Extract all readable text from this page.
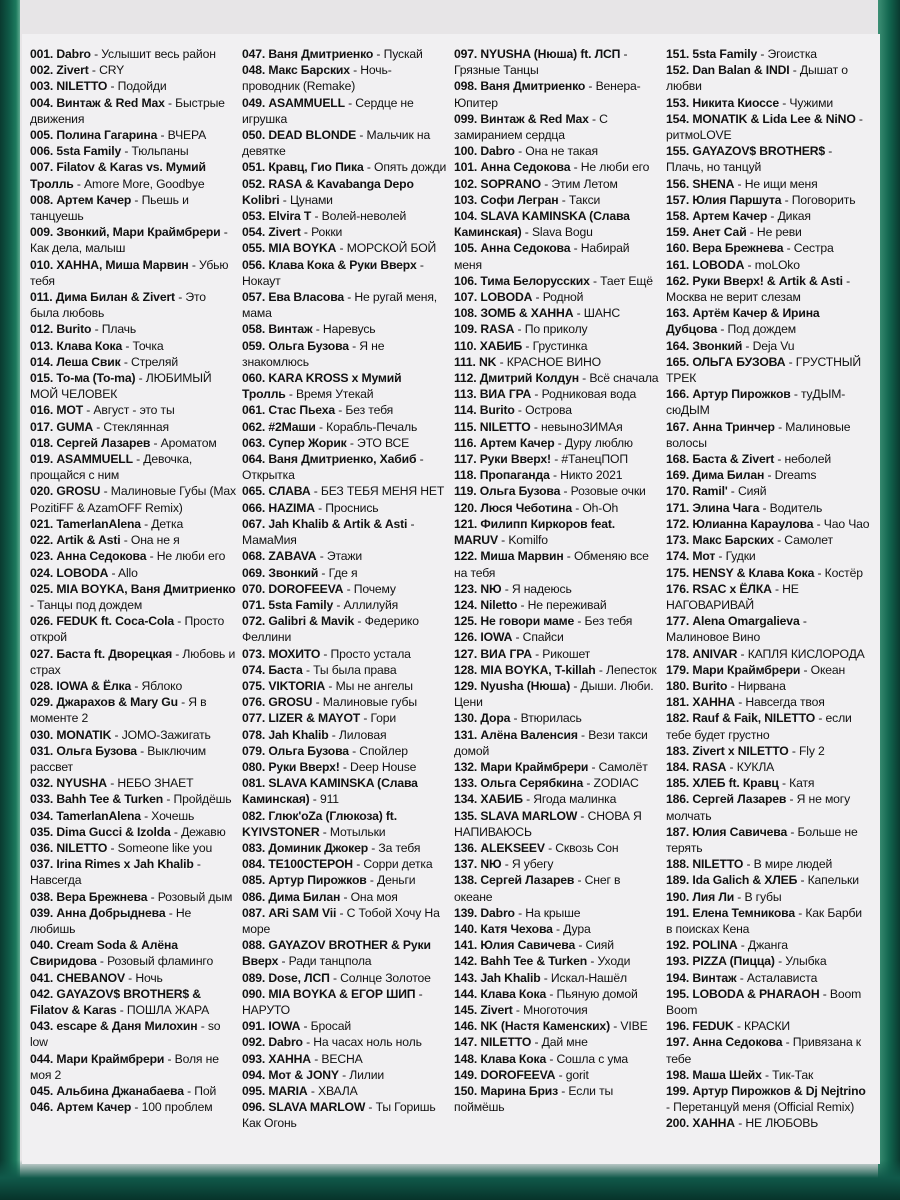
001. Dabro - Услышит весь район
002. Zivert - CRY
003. NILETTO - Подойди
004. Винтаж & Red Max - Быстрые движения
005. Полина Гагарина - ВЧЕРА
006. 5sta Family - Тюльпаны
007. Filatov & Karas vs. Мумий Тролль - Amore More, Goodbye
008. Артем Качер - Пьешь и танцуешь
009. Звонкий, Мари Краймбрери - Как дела, малыш
010. ХАННА, Миша Марвин - Убью тебя
011. Дима Билан & Zivert - Это была любовь
012. Burito - Плачь
013. Клава Кока - Точка
014. Леша Свик - Стреляй
015. То-ма (To-ma) - ЛЮБИМЫЙ МОЙ ЧЕЛОВЕК
016. MOT - Август - это ты
017. GUMA - Стеклянная
018. Сергей Лазарев - Ароматом
019. ASAMMUELL - Девочка, прощайся с ним
020. GROSU - Малиновые Губы (Max PozitiFF & AzamOFF Remix)
021. TamerlanAlena - Детка
022. Artik & Asti - Она не я
023. Анна Седокова - Не люби его
024. LOBODA - Allo
025. MIA BOYKA, Ваня Дмитриенко - Танцы под дождем
026. FEDUK ft. Coca-Cola - Просто открой
027. Баста ft. Дворецкая - Любовь и страх
028. IOWA & Ёлка - Яблоко
029. Джарахов & Mary Gu - Я в моменте 2
030. MONATIK - JOMO-Зажигать
031. Ольга Бузова - Выключим рассвет
032. NYUSHA - НЕБО ЗНАЕТ
033. Bahh Tee & Turken - Пройдёшь
034. TamerlanAlena - Хочешь
035. Dima Gucci & Izolda - Дежавю
036. NILETTO - Someone like you
037. Irina Rimes x Jah Khalib - Навсегда
038. Вера Брежнева - Розовый дым
039. Анна Добрыднева - Не любишь
040. Cream Soda & Алёна Свиридова - Розовый фламинго
041. CHEBANOV - Ночь
042. GAYAZOV$ BROTHER$ & Filatov & Karas - ПОШЛА ЖАРА
043. escape & Даня Милохин - so low
044. Мари Краймбрери - Воля не моя 2
045. Альбина Джанабаева - Пой
046. Артем Качер - 100 проблем
047. Ваня Дмитриенко - Пускай
048. Макс Барских - Ночь-проводник (Remake)
049. ASAMMUELL - Сердце не игрушка
050. DEAD BLONDE - Мальчик на девятке
051. Кравц, Гио Пика - Опять дожди
052. RASA & Kavabanga Depo Kolibri - Цунами
053. Elvira T - Волей-неволей
054. Zivert - Рокки
055. MIA BOYKA - МОРСКОЙ БОЙ
056. Клава Кока & Руки Вверх - Нокаут
057. Ева Власова - Не ругай меня, мама
058. Винтаж - Наревусь
059. Ольга Бузова - Я не знакомлюсь
060. KARA KROSS x Мумий Тролль - Время Утекай
061. Стас Пьеха - Без тебя
062. #2Маши - Корабль-Печаль
063. Супер Жорик - ЭТО ВСЕ
064. Ваня Дмитриенко, Хабиб - Открытка
065. СЛАВА - БЕЗ ТЕБЯ МЕНЯ НЕТ
066. HAZIMA - Проснись
067. Jah Khalib & Artik & Asti - МамаМия
068. ZABAVA - Этажи
069. Звонкий - Где я
070. DOROFEEVA - Почему
071. 5sta Family - Аллилуйя
072. Galibri & Mavik - Федерико Феллини
073. МОХИТО - Просто устала
074. Баста - Ты была права
075. VIKTORIA - Мы не ангелы
076. GROSU - Малиновые губы
077. LIZER & MAYOT - Гори
078. Jah Khalib - Лиловая
079. Ольга Бузова - Спойлер
080. Руки Вверх! - Deep House
081. SLAVA KAMINSKA (Слава Каминская) - 911
082. Глюк'oZa (Глюкоза) ft. KYIVSTONER - Мотыльки
083. Доминик Джокер - За тебя
084. ТЕ100СТЕРОН - Сорри детка
085. Артур Пирожков - Деньги
086. Дима Билан - Она моя
087. ARi SAM Vii - С Тобой Хочу На море
088. GAYAZOV BROTHER & Руки Вверх - Ради танцпола
089. Dose, ЛСП - Солнце Золотое
090. MIA BOYKA & ЕГОР ШИП - НАРУТО
091. IOWA - Бросай
092. Dabro - На часах ноль ноль
093. ХАННА - ВЕСНА
094. Мот & JONY - Лилии
095. MARIA - ХВАЛА
096. SLAVA MARLOW - Ты Горишь Как Огонь
097. NYUSHA (Нюша) ft. ЛСП - Грязные Танцы
098. Ваня Дмитриенко - Венера-Юпитер
099. Винтаж & Red Max - С замиранием сердца
100. Dabro - Она не такая
101. Анна Седокова - Не люби его
102. SOPRANO - Этим Летом
103. Софи Легран - Такси
104. SLAVA KAMINSKA (Слава Каминская) - Slava Bogu
105. Анна Седокова - Набирай меня
106. Тима Белорусских - Тает Ещё
107. LOBODA - Родной
108. ЗОМБ & ХАННА - ШАНС
109. RASA - По приколу
110. ХАБИБ - Грустинка
111. NK - КРАСНОЕ ВИНО
112. Дмитрий Колдун - Всё сначала
113. ВИА ГРА - Родниковая вода
114. Burito - Острова
115. NILETTO - невыноЗИМАя
116. Артем Качер - Дуру люблю
117. Руки Вверх! - #ТанецПОП
118. Пропаганда - Никто 2021
119. Ольга Бузова - Розовые очки
120. Люся Чеботина - Oh-Oh
121. Филипп Киркоров feat. MARUV - Komilfo
122. Миша Марвин - Обменяю все на тебя
123. NЮ - Я надеюсь
124. Niletto - Не переживай
125. Не говори маме - Без тебя
126. IOWA - Спайси
127. ВИА ГРА - Рикошет
128. MIA BOYKA, T-killah - Лепесток
129. Nyusha (Нюша) - Дыши. Люби. Цени
130. Дора - Втюрилась
131. Алёна Валенсия - Вези такси домой
132. Мари Краймбрери - Самолёт
133. Ольга Серябкина - ZODIAC
134. ХАБИБ - Ягода малинка
135. SLAVA MARLOW - СНОВА Я НАПИВАЮСЬ
136. ALEKSEEV - Сквозь Сон
137. NЮ - Я убегу
138. Сергей Лазарев - Снег в океане
139. Dabro - На крыше
140. Катя Чехова - Дура
141. Юлия Савичева - Сияй
142. Bahh Tee & Turken - Уходи
143. Jah Khalib - Искал-Нашёл
144. Клава Кока - Пьяную домой
145. Zivert - Многоточия
146. NK (Настя Каменских) - VIBE
147. NILETTO - Дай мне
148. Клава Кока - Сошла с ума
149. DOROFEEVA - gorit
150. Марина Бриз - Если ты поймёшь
151. 5sta Family - Эгоистка
152. Dan Balan & INDI - Дышат о любви
153. Никита Киоссе - Чужими
154. MONATIK & Lida Lee & NiNO - ритмоLOVE
155. GAYAZOV$ BROTHER$ - Плачь, но танцуй
156. SHENA - Не ищи меня
157. Юлия Паршута - Поговорить
158. Артем Качер - Дикая
159. Анет Сай - Не реви
160. Вера Брежнева - Сестра
161. LOBODA - moLОko
162. Руки Вверх! & Artik & Asti - Москва не верит слезам
163. Артём Качер & Ирина Дубцова - Под дождем
164. Звонкий - Deja Vu
165. ОЛЬГА БУЗОВА - ГРУСТНЫЙ ТРЕК
166. Артур Пирожков - туДЫМ-сюДЫМ
167. Анна Тринчер - Малиновые волосы
168. Баста & Zivert - неболей
169. Дима Билан - Dreams
170. Ramil' - Сияй
171. Элина Чага - Водитель
172. Юлианна Караулова - Чао Чао
173. Макс Барских - Самолет
174. Мот - Гудки
175. HENSY & Клава Кока - Костёр
176. RSAC x ЁЛКА - НЕ НАГОВАРИВАЙ
177. Alena Omargalieva - Малиновое Вино
178. ANIVAR - КАПЛЯ КИСЛОРОДА
179. Мари Краймбрери - Океан
180. Burito - Нирвана
181. ХАННА - Навсегда твоя
182. Rauf & Faik, NILETTO - если тебе будет грустно
183. Zivert x NILETTO - Fly 2
184. RASA - КУКЛА
185. ХЛЕБ ft. Кравц - Катя
186. Сергей Лазарев - Я не могу молчать
187. Юлия Савичева - Больше не терять
188. NILETTO - В мире людей
189. Ida Galich & ХЛЕБ - Капельки
190. Лия Ли - В губы
191. Елена Темникова - Как Барби в поисках Кена
192. POLINA - Джанга
193. PIZZA (Пицца) - Улыбка
194. Винтаж - Асталависта
195. LOBODA & PHARAOH - Boom Boom
196. FEDUK - КРАСКИ
197. Анна Седокова - Привязана к тебе
198. Маша Шейх - Тик-Так
199. Артур Пирожков & Dj Nejtrino - Перетанцуй меня (Official Remix)
200. ХАННА - НЕ ЛЮБОВЬ
